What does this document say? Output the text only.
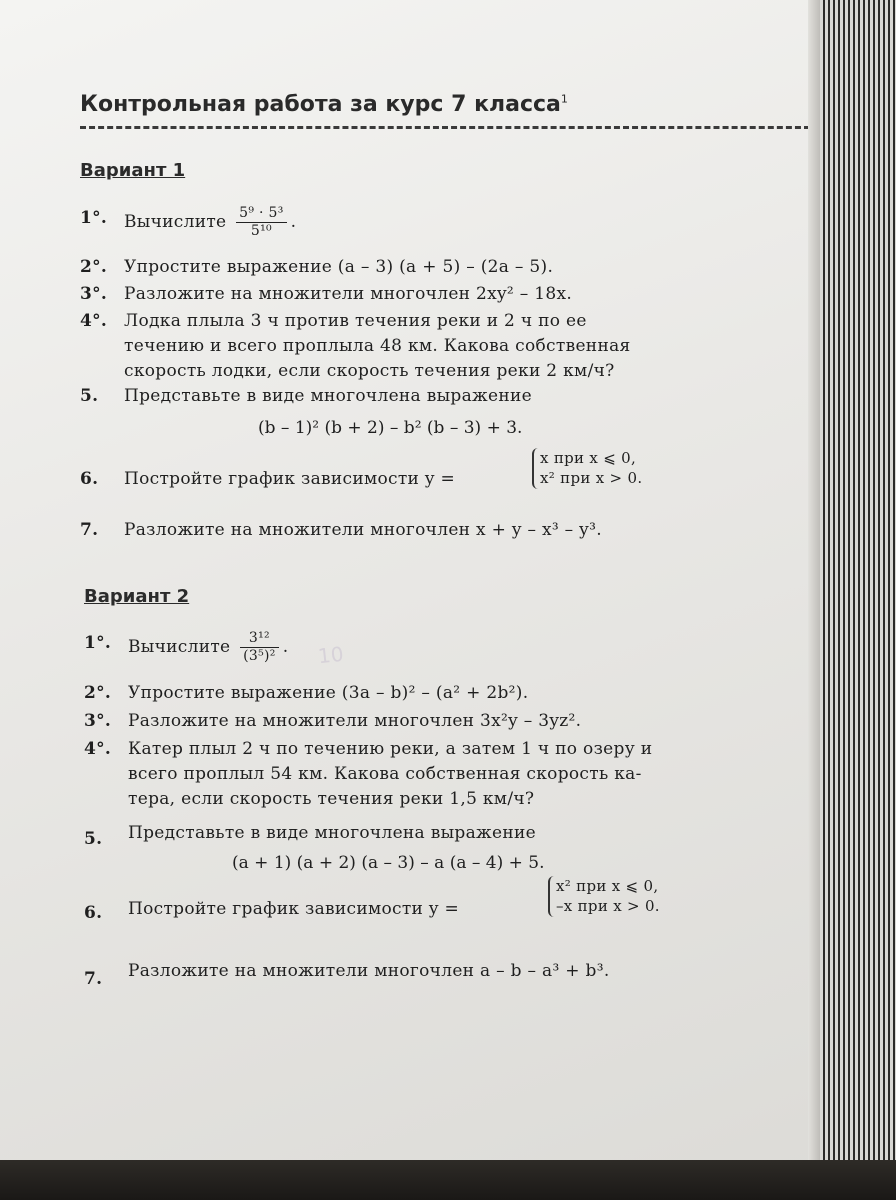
Контрольная работа за курс 7 класса$^1$
Вариант 1
1°. Вычислите $\frac{\text{5⁹ · 5³}}{\text{5¹⁰}}$ .
2°. Упростите выражение (a – 3) (a + 5) – (2a – 5).
3°. Разложите на множители многочлен 2xy² – 18x.
4°. Лодка плыла 3 ч против течения реки и 2 ч по ее
течению и всего проплыла 48 км. Какова собственная
скорость лодки, если скорость течения реки 2 км/ч?
5.	Представьте в виде многочлена выражение
(b – 1)² (b + 2) – b² (b – 3) + 3.
6.	Постройте график зависимости y =
x при x ⩽ 0,
x² при x > 0.
7.	Разложите на множители многочлен x + y – x³ – y³.
Вариант 2
1°. Вычислите $\frac{\text{3¹²}}{\text{(3⁵)²}}$ . 10
2°. Упростите выражение (3a – b)² – (a² + 2b²).
3°. Разложите на множители многочлен 3x²y – 3yz².
4°. Катер плыл 2 ч по течению реки, а затем 1 ч по озеру и
всего проплыл 54 км. Какова собственная скорость ка-
тера, если скорость течения реки 1,5 км/ч?
5.	Представьте в виде многочлена выражение
(a + 1) (a + 2) (a – 3) – a (a – 4) + 5.
6.	Постройте график зависимости y =
x² при x ⩽ 0,
–x при x > 0.
7.	Разложите на множители многочлен a – b – a³ + b³.
